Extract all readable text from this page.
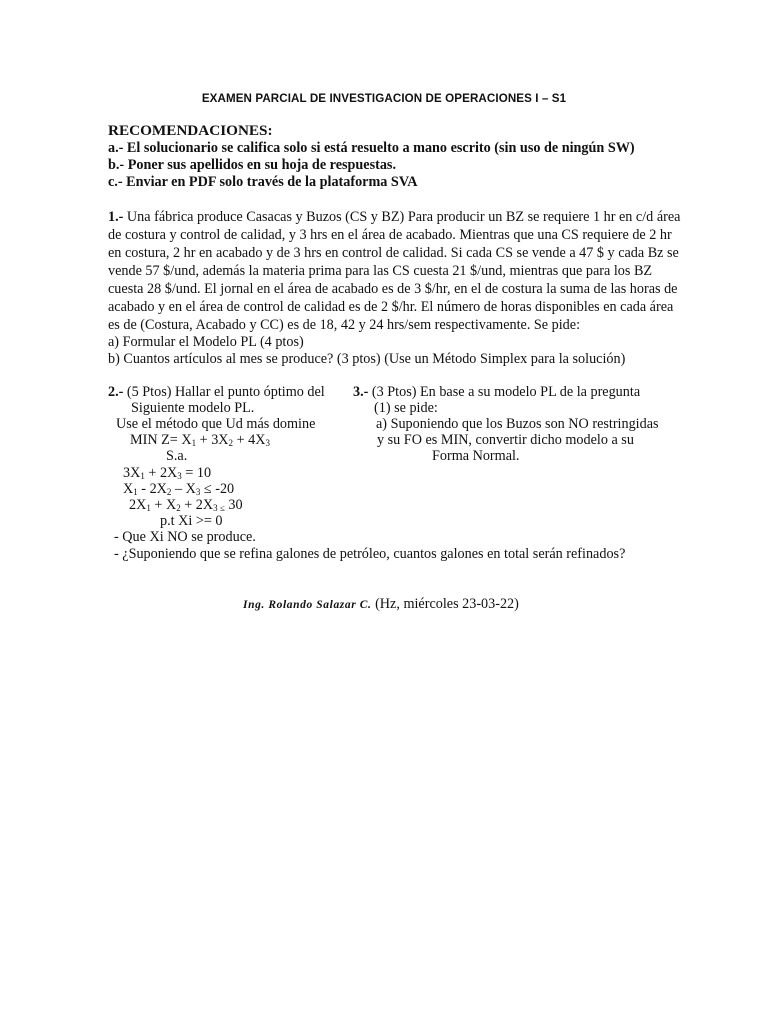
EXAMEN PARCIAL DE INVESTIGACION DE OPERACIONES I – S1
RECOMENDACIONES:
a.- El solucionario se califica solo si está resuelto a mano escrito (sin uso de ningún SW)
b.- Poner sus apellidos en su hoja de respuestas.
c.- Enviar en PDF solo través de la plataforma SVA
1.- Una fábrica produce Casacas y Buzos (CS y BZ) Para producir un BZ se requiere 1 hr en c/d área
de costura y control de calidad, y 3 hrs en el área de acabado. Mientras que una CS requiere de 2 hr
en costura, 2 hr en acabado y de 3 hrs en control de calidad. Si cada CS se vende a 47 $ y cada Bz se
vende 57 $/und, además la materia prima para las CS cuesta 21 $/und, mientras que para los BZ
cuesta 28 $/und. El jornal en el área de acabado es de 3 $/hr, en el de costura la suma de las horas de
acabado y en el área de control de calidad es de 2 $/hr. El número de horas disponibles en cada área
es de (Costura, Acabado y CC) es de 18, 42 y 24 hrs/sem respectivamente. Se pide:
a) Formular el Modelo PL (4 ptos)
b) Cuantos artículos al mes se produce? (3 ptos) (Use un Método Simplex para la solución)
2.- (5 Ptos) Hallar el punto óptimo del
Siguiente modelo PL.
Use el método que Ud más domine
MIN $Z= X_1 + 3X_2 + 4X_3$
S.a.
$3X_1 + 2X_3 = 10$
$X_1 - 2X_2 - X_3 \le -20$
$2X_1 + X_2 + 2X_3$ $_\le$ 30
p.t Xi >= 0
- Que Xi NO se produce.
- ¿Suponiendo que se refina galones de petróleo, cuantos galones en total serán refinados?
3.- (3 Ptos) En base a su modelo PL de la pregunta
(1) se pide:
a) Suponiendo que los Buzos son NO restringidas
y su FO es MIN, convertir dicho modelo a su
Forma Normal.
Ing. Rolando Salazar C. (Hz, miércoles 23-03-22)
